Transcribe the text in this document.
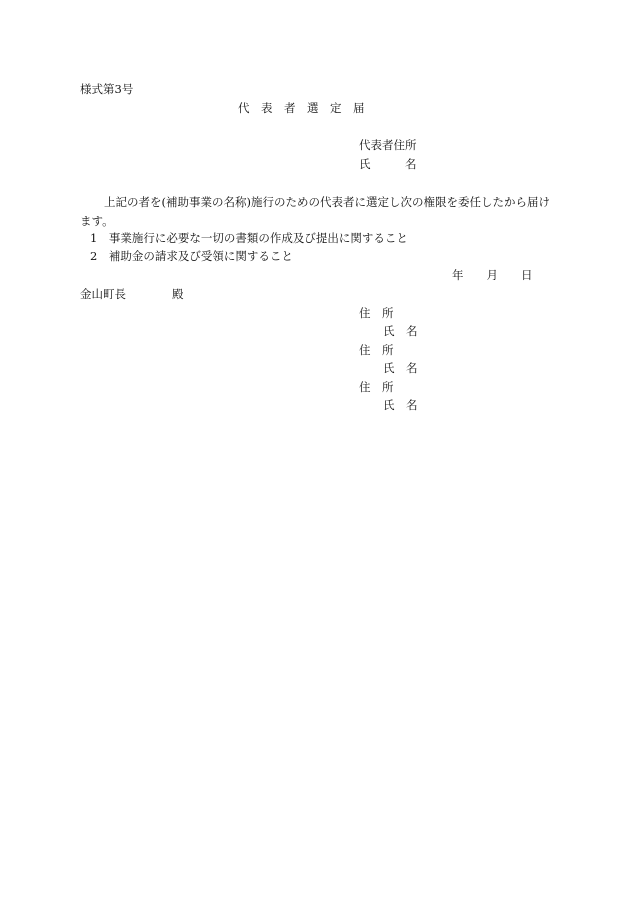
様式第3号
代　表　者　選　定　届
代表者住所
氏　　　名
上記の者を(補助事業の名称)施行のための代表者に選定し次の権限を委任したから届けます。
1　事業施行に必要な一切の書類の作成及び提出に関すること
2　補助金の請求及び受領に関すること
年　　月　　日
金山町長　　　　殿
住　所
氏　名
住　所
氏　名
住　所
氏　名
